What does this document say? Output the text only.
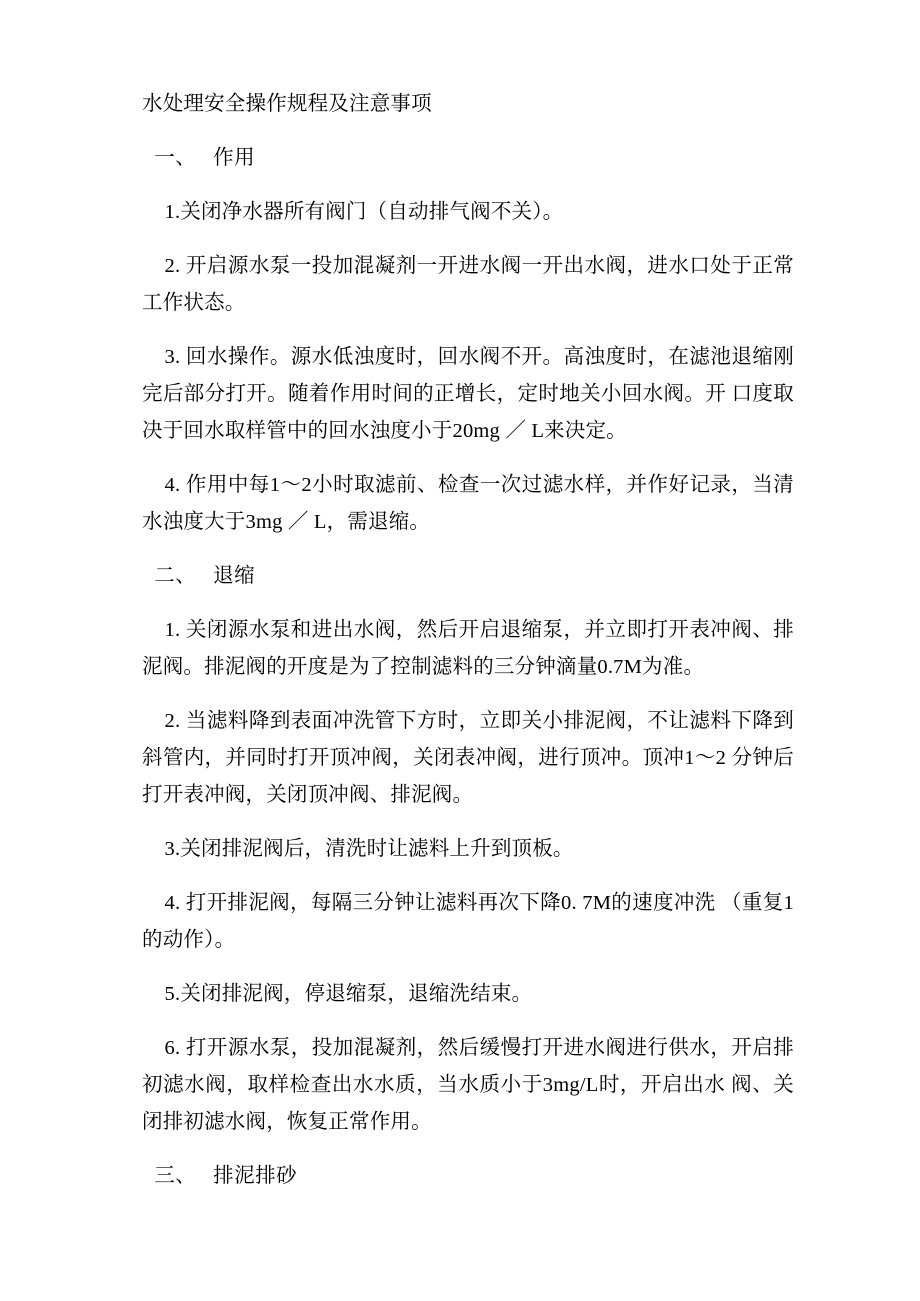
水处理安全操作规程及注意事项

一、   作用

1.关闭净水器所有阀门（自动排气阀不关）。

2. 开启源水泵一投加混凝剂一开进水阀一开出水阀，进水口处于正常工作状态。

3. 回水操作。源水低浊度时，回水阀不开。高浊度时，在滤池退缩刚完后部分打开。随着作用时间的正增长，定时地关小回水阀。开 口度取决于回水取样管中的回水浊度小于20mg ／ L来决定。

4. 作用中每1〜2小时取滤前、检查一次过滤水样，并作好记录，当清水浊度大于3mg ／ L，需退缩。

二、   退缩

1. 关闭源水泵和进出水阀，然后开启退缩泵，并立即打开表冲阀、排泥阀。排泥阀的开度是为了控制滤料的三分钟滴量0.7M为准。

2. 当滤料降到表面冲洗管下方时，立即关小排泥阀，不让滤料下降到斜管内，并同时打开顶冲阀，关闭表冲阀，进行顶冲。顶冲1〜2 分钟后打开表冲阀，关闭顶冲阀、排泥阀。

3.关闭排泥阀后，清洗时让滤料上升到顶板。

4. 打开排泥阀，每隔三分钟让滤料再次下降0. 7M的速度冲洗 （重复1的动作）。

5.关闭排泥阀，停退缩泵，退缩洗结束。

6. 打开源水泵，投加混凝剂，然后缓慢打开进水阀进行供水，开启排初滤水阀，取样检查出水水质，当水质小于3mg/L时，开启出水 阀、关闭排初滤水阀，恢复正常作用。

三、   排泥排砂
